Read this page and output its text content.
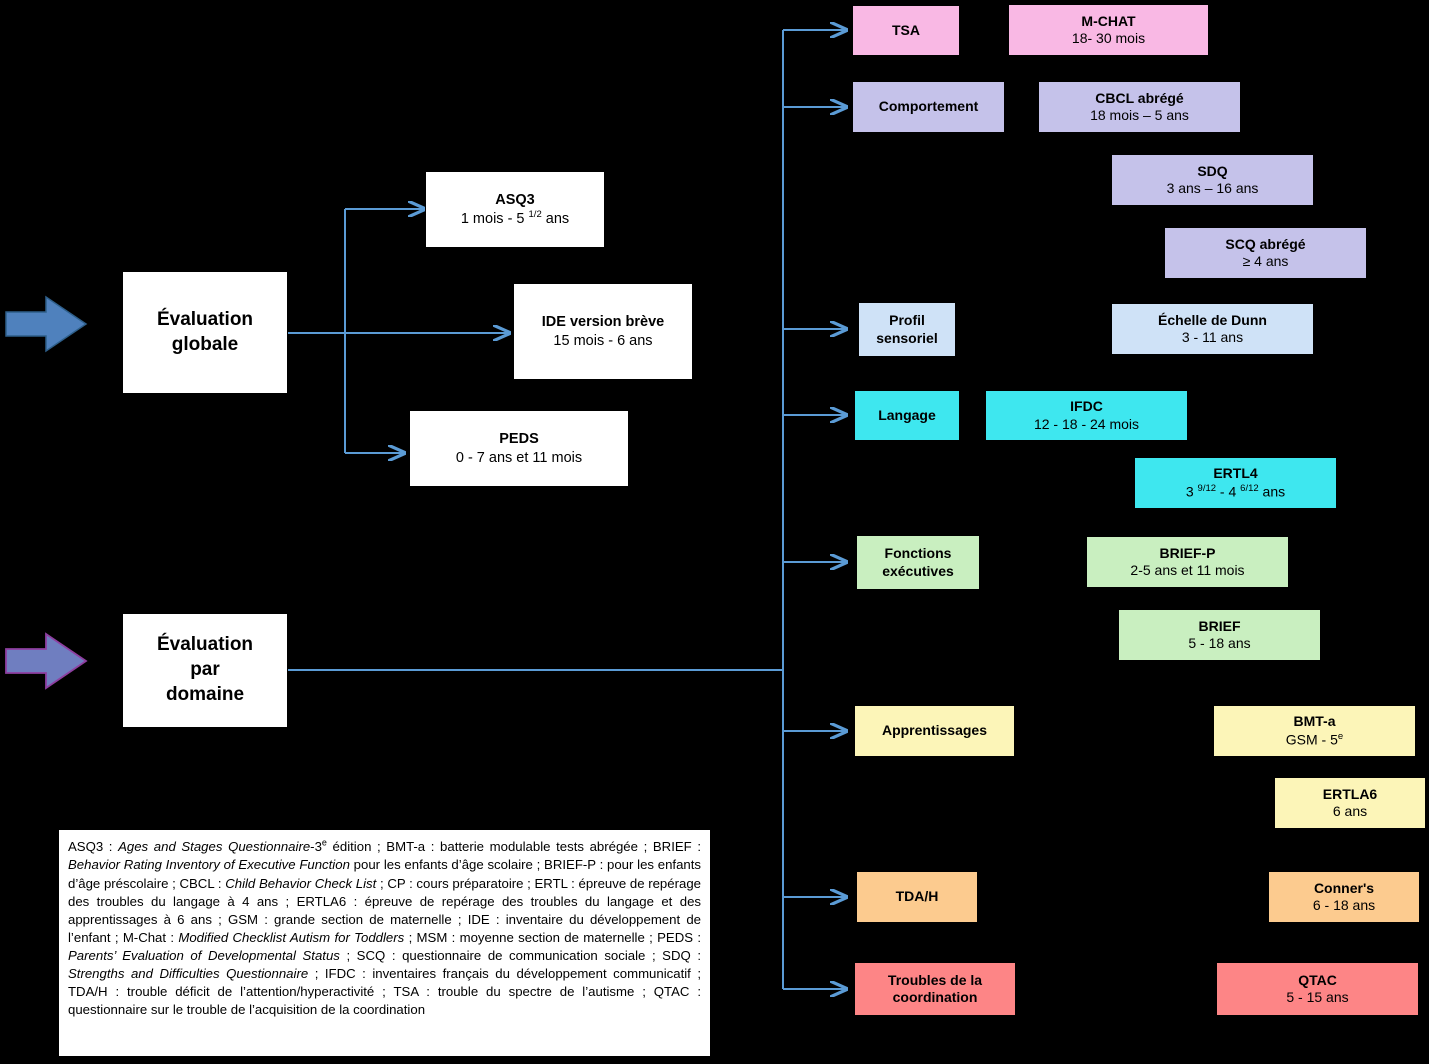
Évaluation
globale
Évaluation
par
domaine
ASQ3
1 mois - 5 $^{1/2}$ ans
IDE version brève
15 mois - 6 ans
PEDS
0 - 7 ans et 11 mois
TSA
Comportement
Profil
sensoriel
Langage
Fonctions
exécutives
Apprentissages
TDA/H
Troubles de la
coordination
M-CHAT
18- 30 mois
CBCL abrégé
18 mois – 5 ans
SDQ
3 ans – 16 ans
SCQ abrégé
≥ 4 ans
Échelle de Dunn
3 - 11 ans
IFDC
12 - 18 - 24 mois
ERTL4
3 $^{9/12}$ - 4 $^{6/12}$ ans
BRIEF-P
2-5 ans et 11 mois
BRIEF
5 - 18 ans
BMT-a
GSM - 5e
ERTLA6
6 ans
Conner's
6 - 18 ans
QTAC
5 - 15 ans
ASQ3 : Ages and Stages Questionnaire-3e édition ; BMT-a : batterie modulable tests abrégée ; BRIEF : Behavior Rating Inventory of Executive Function pour les enfants d’âge scolaire ; BRIEF-P : pour les enfants d’âge préscolaire ; CBCL : Child Behavior Check List ; CP : cours préparatoire ; ERTL : épreuve de repérage des troubles du langage à 4 ans ; ERTLA6 : épreuve de repérage des troubles du langage et des apprentissages à 6 ans ; GSM : grande section de maternelle ; IDE : inventaire du développement de l’enfant ; M-Chat : Modified Checklist Autism for Toddlers ; MSM : moyenne section de maternelle ; PEDS : Parents’ Evaluation of Developmental Status ; SCQ : questionnaire de communication sociale ; SDQ : Strengths and Difficulties Questionnaire ; IFDC : inventaires français du développement communicatif ; TDA/H : trouble déficit de l’attention/hyperactivité ; TSA : trouble du spectre de l’autisme ; QTAC : questionnaire sur le trouble de l’acquisition de la coordination
